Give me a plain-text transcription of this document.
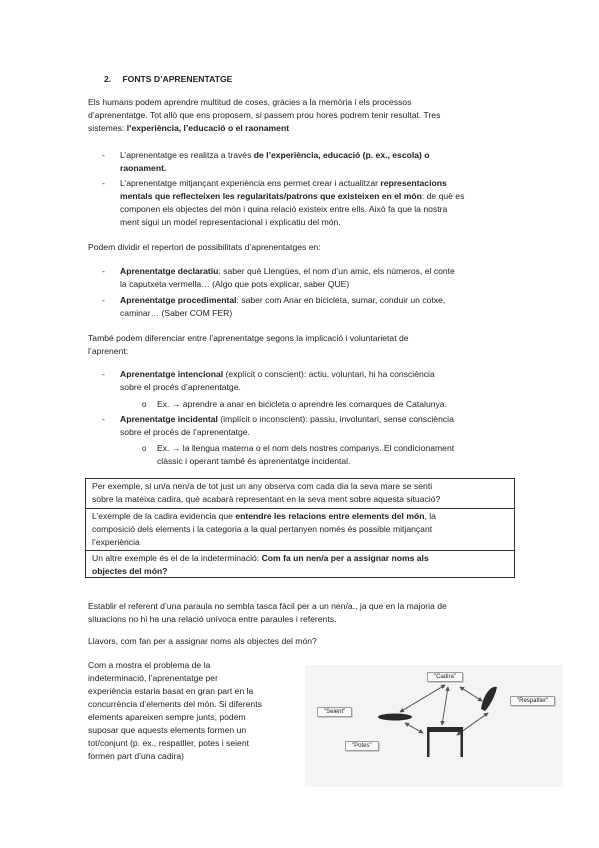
2. FONTS D’APRENENTATGE

Els humans podem aprendre multitud de coses, gràcies a la memòria i els processos

d’aprenentatge. Tot allò que ens proposem, si passem prou hores podrem tenir resultat. Tres

sistemes: l’experiència, l’educació o el raonament

- L’aprenentatge es realitza a través de l’experiència, educació (p. ex., escola) o

raonament.

- L’aprenentatge mitjançant experiència ens permet crear i actualitzar representacions

mentals que reflecteixen les regularitats/patrons que existeixen en el món: de què es

componen els objectes del món i quina relació existeix entre ells. Això fa que la nostra

ment sigui un model representacional i explicatiu del món.

Podem dividir el repertori de possibilitats d’aprenentatges en:

- Aprenentatge declaratiu: saber què Llengües, el nom d’un amic, els números, el conte

la caputxeta vermella… (Algo que pots explicar, saber QUE)

- Aprenentatge procedimental: saber com Anar en bicicleta, sumar, conduir un cotxe,

caminar… (Saber COM FER)

També podem diferenciar entre l’aprenentatge segons la implicació i voluntarietat de

l’aprenent:

- Aprenentatge intencional (explícit o conscient): actiu, voluntari, hi ha consciència

sobre el procés d’aprenentatge.

o Ex. → aprendre a anar en bicicleta o aprendre les comarques de Catalunya.
- Aprenentatge incidental (implícit o inconscient): passiu, involuntari, sense consciència

sobre el procés de l’aprenentatge.

o Ex. → la llengua materna o el nom dels nostres companys. El condicionament

clàssic i operant també és aprenentatge incidental.

Per exemple, si un/a nen/a de tot just un any observa com cada dia la seva mare se senti

sobre la mateixa cadira, què acabarà representant en la seva ment sobre aquesta situació?

L’exemple de la cadira evidencia que entendre les relacions entre elements del món, la

composició dels elements i la categoria a la qual pertanyen només és possible mitjançant

l’experiència

Un altre exemple és el de la indeterminació: Com fa un nen/a per a assignar noms als

objectes del món?

Establir el referent d’una paraula no sembla tasca fàcil per a un nen/a., ja que en la majoria de

situacions no hi ha una relació unívoca entre paraules i referents.

Llavors, com fan per a assignar noms als objectes del món?

Com a mostra el problema de la

indeterminació, l’aprenentatge per

experiència estaria basat en gran part en la

concurrència d’elements del món. Si diferents

elements apareixen sempre junts, podem

suposar que aquests elements formen un

tot/conjunt (p. ex., respatller, potes i seient

formen part d’una cadira)

"Cadira"
"Seient"
"Respatller"
"Potes"
